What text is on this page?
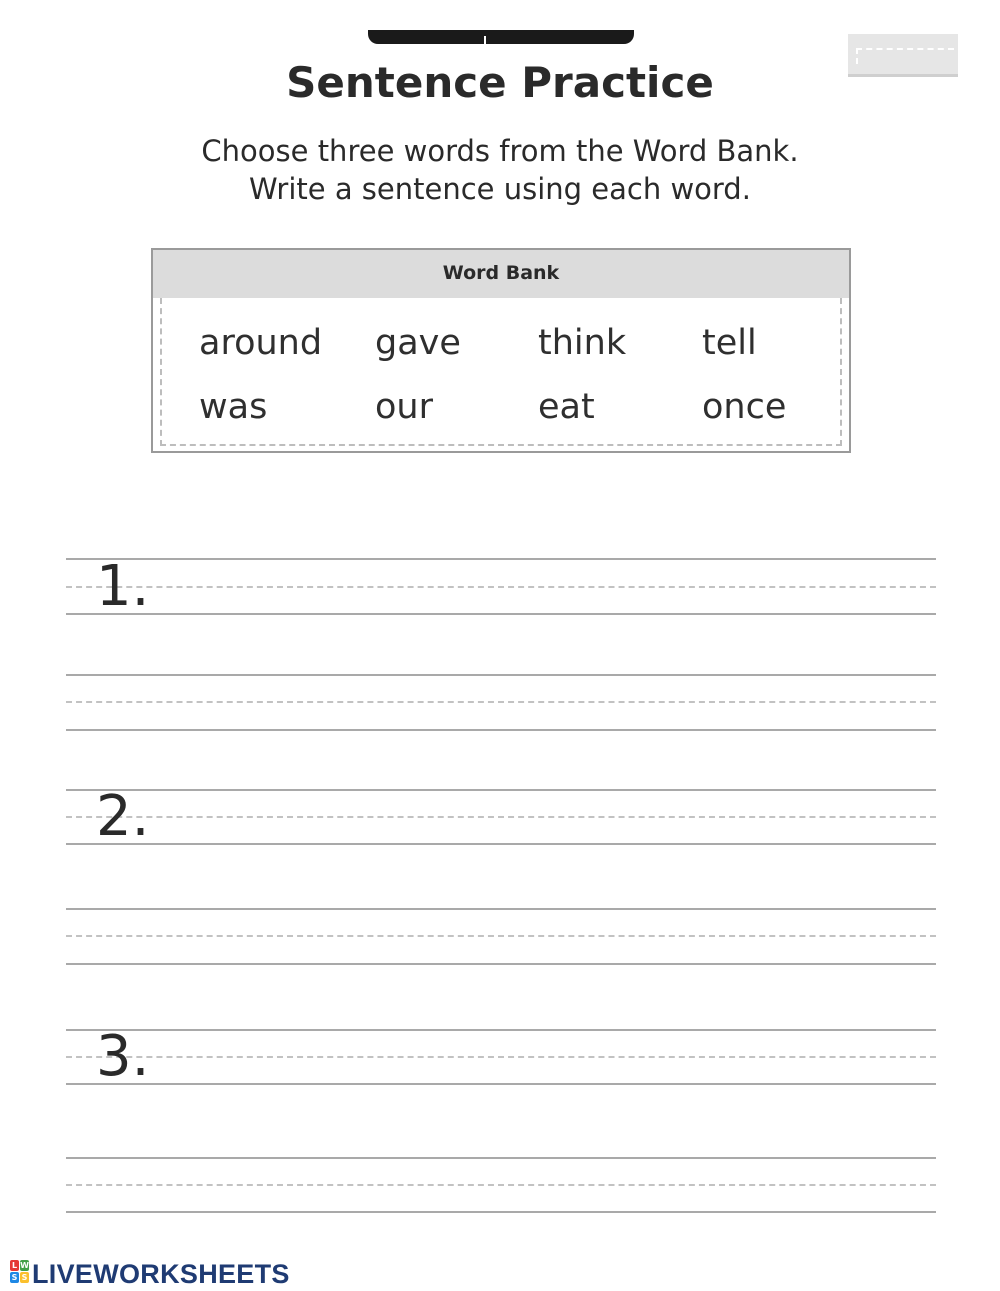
Sentence Practice
Choose three words from the Word Bank.
Write a sentence using each word.
Word Bank
around gave think tell
was	our	eat	once
1.
2.
3.
L W
S S LIVEWORKSHEETS
